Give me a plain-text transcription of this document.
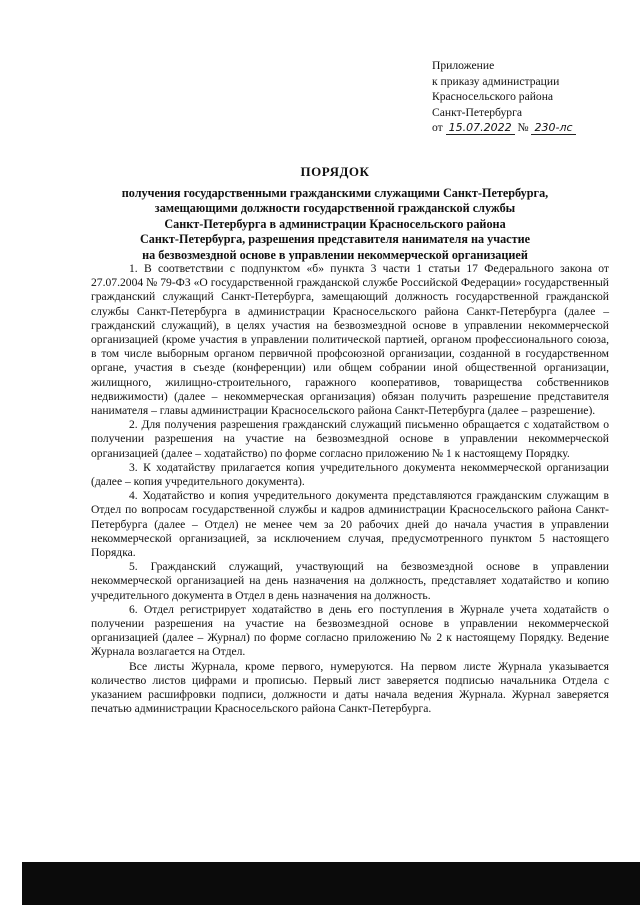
Приложение
к приказу администрации
Красносельского района
Санкт-Петербурга
от 15.07.2022 № 230-лс
ПОРЯДОК
получения государственными гражданскими служащими Санкт-Петербурга,
замещающими должности государственной гражданской службы
Санкт-Петербурга в администрации Красносельского района
Санкт-Петербурга, разрешения представителя нанимателя на участие
на безвозмездной основе в управлении некоммерческой организацией

1. В соответствии с подпунктом «б» пункта 3 части 1 статьи 17 Федерального закона от 27.07.2004 № 79-ФЗ «О государственной гражданской службе Российской Федерации» государственный гражданский служащий Санкт-Петербурга, замещающий должность государственной гражданской службы Санкт-Петербурга в администрации Красносельского района Санкт-Петербурга (далее – гражданский служащий), в целях участия на безвозмездной основе в управлении некоммерческой организацией (кроме участия в управлении политической партией, органом профессионального союза, в том числе выборным органом первичной профсоюзной организации, созданной в государственном органе, участия в съезде (конференции) или общем собрании иной общественной организации, жилищного, жилищно-строительного, гаражного кооперативов, товарищества собственников недвижимости) (далее – некоммерческая организация) обязан получить разрешение представителя нанимателя – главы администрации Красносельского района Санкт-Петербурга (далее – разрешение).

2. Для получения разрешения гражданский служащий письменно обращается с ходатайством о получении разрешения на участие на безвозмездной основе в управлении некоммерческой организацией (далее – ходатайство) по форме согласно приложению № 1 к настоящему Порядку.

3. К ходатайству прилагается копия учредительного документа некоммерческой организации (далее – копия учредительного документа).

4. Ходатайство и копия учредительного документа представляются гражданским служащим в Отдел по вопросам государственной службы и кадров администрации Красносельского района Санкт-Петербурга (далее – Отдел) не менее чем за 20 рабочих дней до начала участия в управлении некоммерческой организацией, за исключением случая, предусмотренного пунктом 5 настоящего Порядка.

5. Гражданский служащий, участвующий на безвозмездной основе в управлении некоммерческой организацией на день назначения на должность, представляет ходатайство и копию учредительного документа в Отдел в день назначения на должность.

6. Отдел регистрирует ходатайство в день его поступления в Журнале учета ходатайств о получении разрешения на участие на безвозмездной основе в управлении некоммерческой организацией (далее – Журнал) по форме согласно приложению № 2 к настоящему Порядку. Ведение Журнала возлагается на Отдел.

Все листы Журнала, кроме первого, нумеруются. На первом листе Журнала указывается количество листов цифрами и прописью. Первый лист заверяется подписью начальника Отдела с указанием расшифровки подписи, должности и даты начала ведения Журнала. Журнал заверяется печатью администрации Красносельского района Санкт-Петербурга.
